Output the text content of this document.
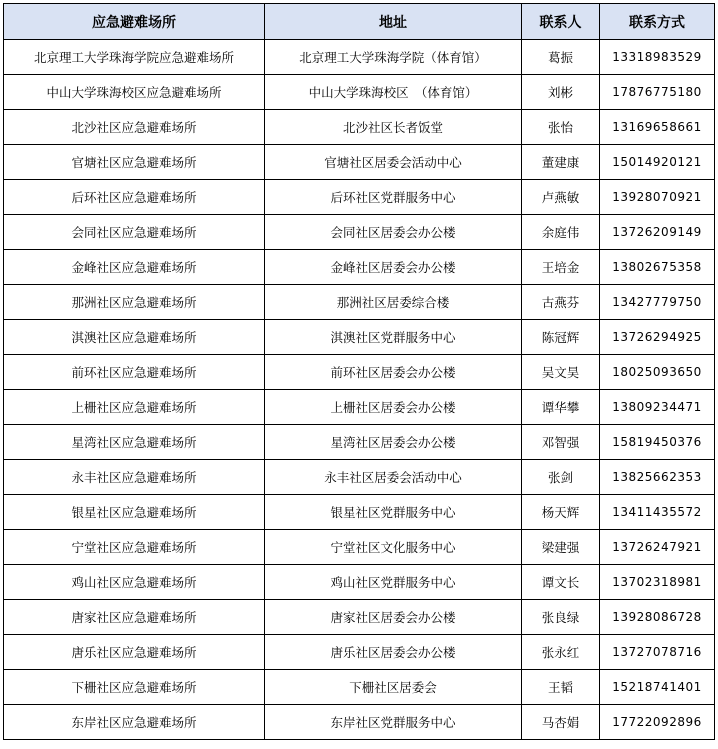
应急避难场所	地址	联系人	联系方式
北京理工大学珠海学院应急避难场所	北京理工大学珠海学院（体育馆）	葛振	13318983529
中山大学珠海校区应急避难场所	中山大学珠海校区　（体育馆）	刘彬	17876775180
北沙社区应急避难场所	北沙社区长者饭堂	张怡	13169658661
官塘社区应急避难场所	官塘社区居委会活动中心	董建康	15014920121
后环社区应急避难场所	后环社区党群服务中心	卢燕敏	13928070921
会同社区应急避难场所	会同社区居委会办公楼	余庭伟	13726209149
金峰社区应急避难场所	金峰社区居委会办公楼	王培金	13802675358
那洲社区应急避难场所	那洲社区居委综合楼	古燕芬	13427779750
淇澳社区应急避难场所	淇澳社区党群服务中心	陈冠辉	13726294925
前环社区应急避难场所	前环社区居委会办公楼	吴文昊	18025093650
上栅社区应急避难场所	上栅社区居委会办公楼	谭华攀	13809234471
星湾社区应急避难场所	星湾社区居委会办公楼	邓智强	15819450376
永丰社区应急避难场所	永丰社区居委会活动中心	张剑	13825662353
银星社区应急避难场所	银星社区党群服务中心	杨天辉	13411435572
宁堂社区应急避难场所	宁堂社区文化服务中心	梁建强	13726247921
鸡山社区应急避难场所	鸡山社区党群服务中心	谭文长	13702318981
唐家社区应急避难场所	唐家社区居委会办公楼	张良绿	13928086728
唐乐社区应急避难场所	唐乐社区居委会办公楼	张永红	13727078716
下栅社区应急避难场所	下栅社区居委会	王韬	15218741401
东岸社区应急避难场所	东岸社区党群服务中心	马杏娟	17722092896
